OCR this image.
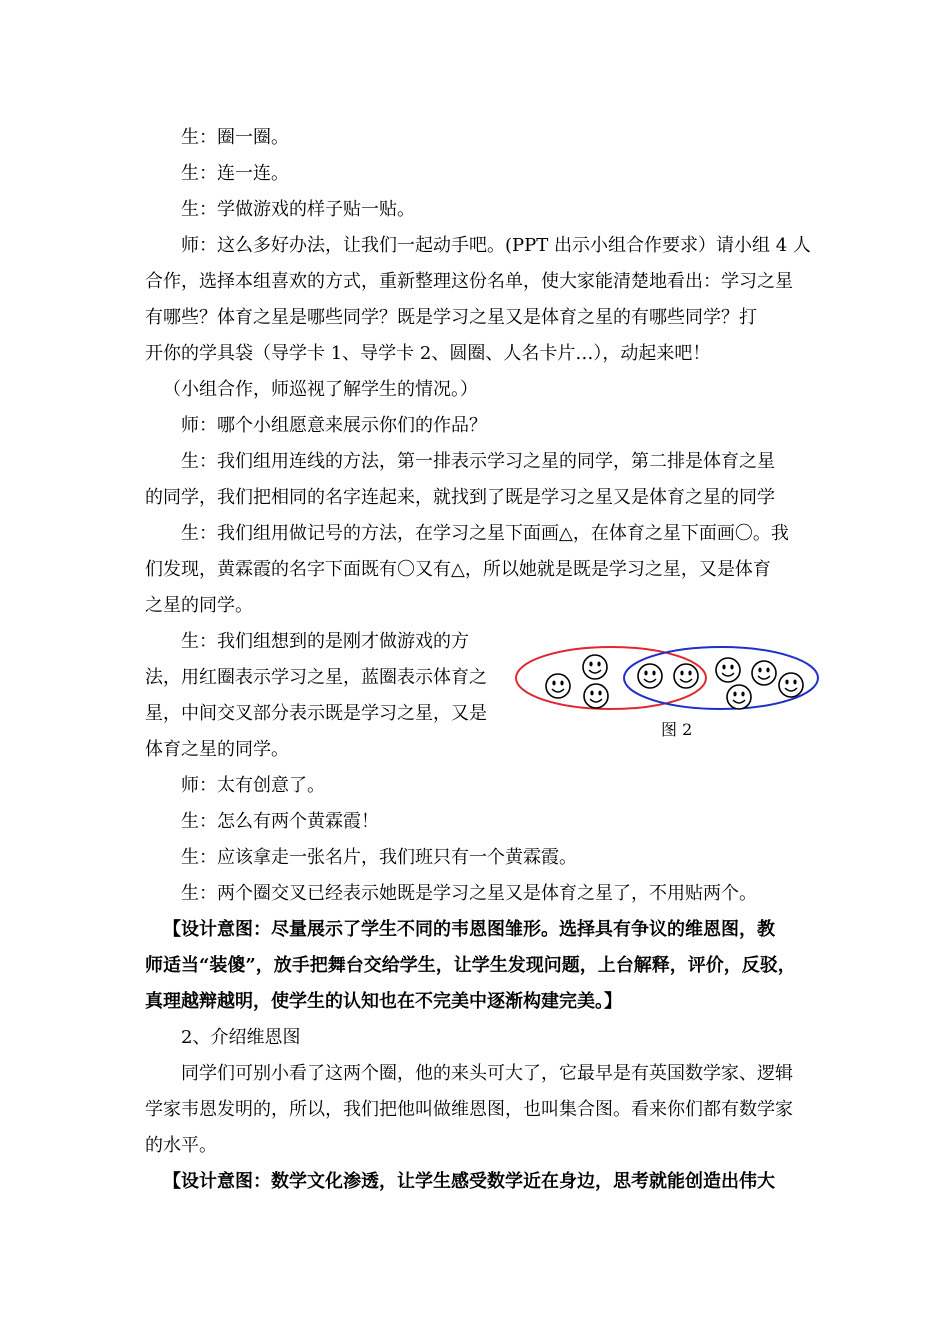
生：圈一圈。
生：连一连。
生：学做游戏的样子贴一贴。
师：这么多好办法，让我们一起动手吧。(PPT 出示小组合作要求）请小组 4 人
合作，选择本组喜欢的方式，重新整理这份名单，使大家能清楚地看出：学习之星
有哪些？体育之星是哪些同学？既是学习之星又是体育之星的有哪些同学？打
开你的学具袋（导学卡 1、导学卡 2、圆圈、人名卡片…），动起来吧！
（小组合作，师巡视了解学生的情况。）
师：哪个小组愿意来展示你们的作品？
生：我们组用连线的方法，第一排表示学习之星的同学，第二排是体育之星
的同学，我们把相同的名字连起来，就找到了既是学习之星又是体育之星的同学
生：我们组用做记号的方法，在学习之星下面画△，在体育之星下面画〇。我
们发现，黄霖霞的名字下面既有〇又有△，所以她就是既是学习之星，又是体育
之星的同学。
生：我们组想到的是刚才做游戏的方
法，用红圈表示学习之星，蓝圈表示体育之
星，中间交叉部分表示既是学习之星，又是
体育之星的同学。
图 2
师：太有创意了。
生：怎么有两个黄霖霞！
生：应该拿走一张名片，我们班只有一个黄霖霞。
生：两个圈交叉已经表示她既是学习之星又是体育之星了，不用贴两个。
【设计意图：尽量展示了学生不同的韦恩图雏形。选择具有争议的维恩图，教
师适当“装傻”，放手把舞台交给学生，让学生发现问题，上台解释，评价，反驳，
真理越辩越明，使学生的认知也在不完美中逐渐构建完美。】
2、介绍维恩图
同学们可别小看了这两个圈，他的来头可大了，它最早是有英国数学家、逻辑
学家韦恩发明的，所以，我们把他叫做维恩图，也叫集合图。看来你们都有数学家
的水平。
【设计意图：数学文化渗透，让学生感受数学近在身边，思考就能创造出伟大
